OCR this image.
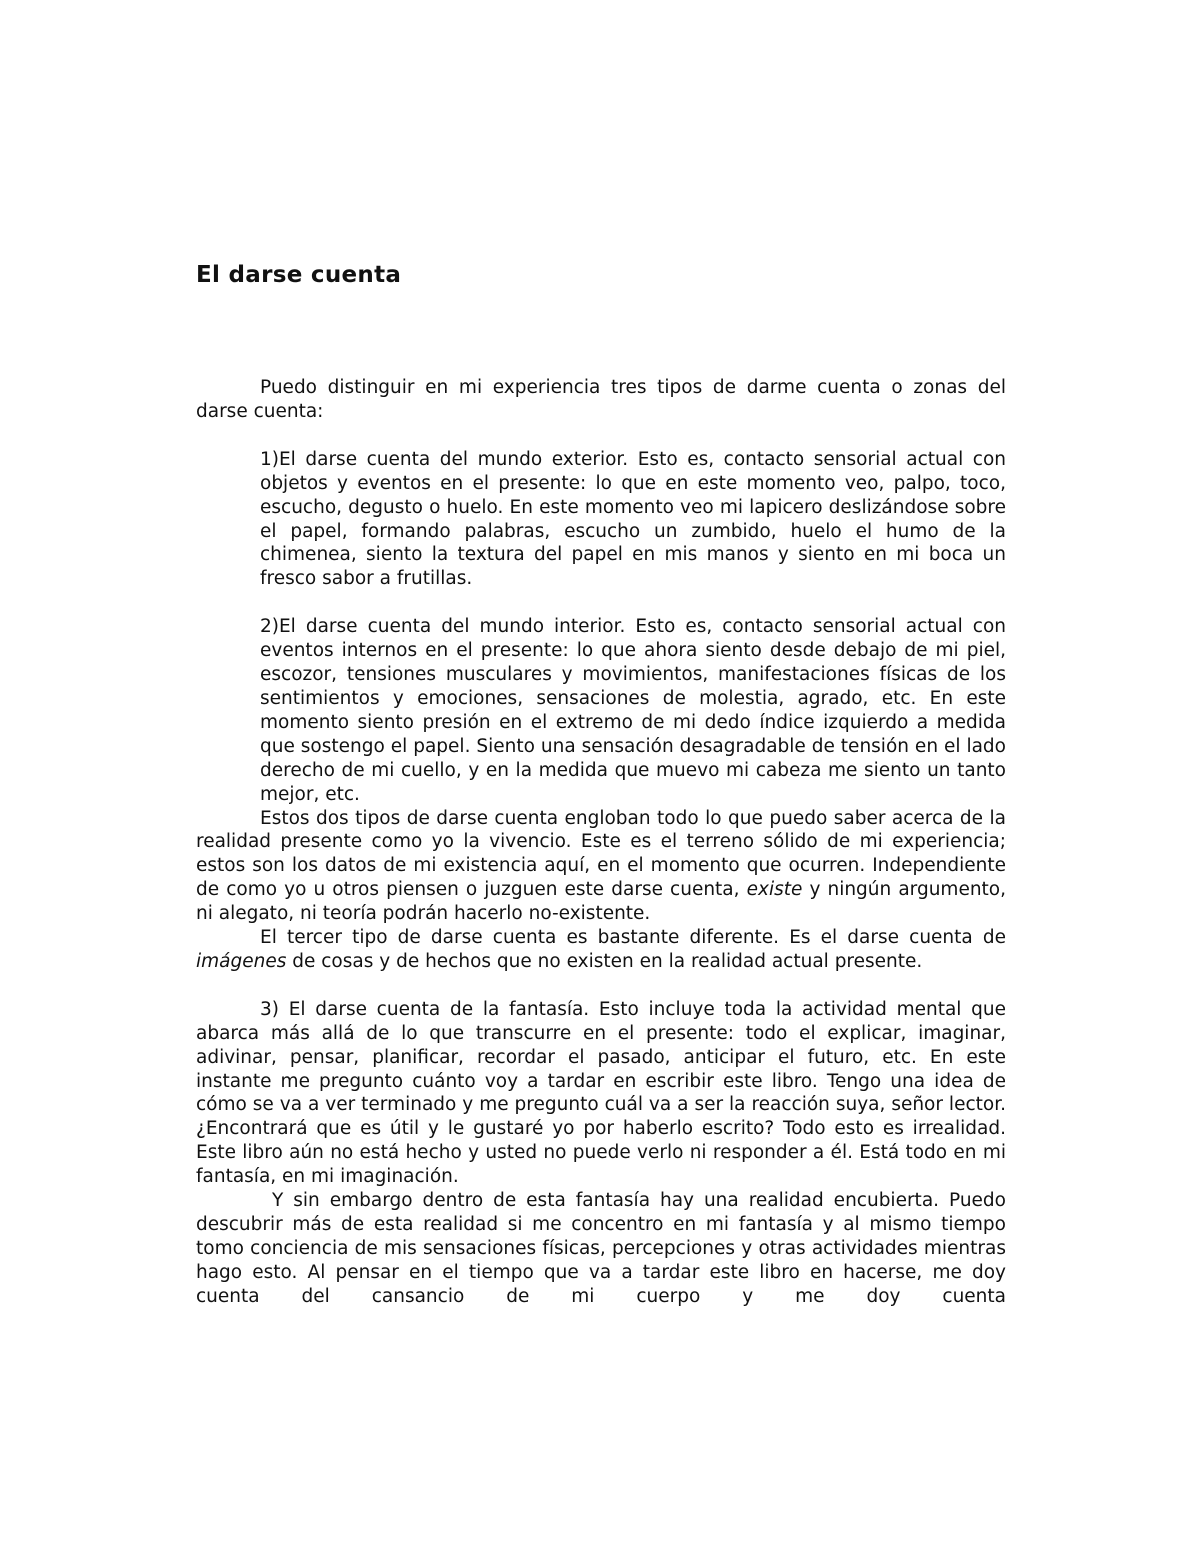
El darse cuenta

Puedo distinguir en mi experiencia tres tipos de darme cuenta o zonas del darse cuenta:

1)El darse cuenta del mundo exterior. Esto es, contacto sensorial actual con objetos y eventos en el presente: lo que en este momento veo, palpo, toco, escucho, degusto o huelo. En este momento veo mi lapicero deslizándose sobre el papel, formando palabras, escucho un zumbido, huelo el humo de la chimenea, siento la textura del papel en mis manos y siento en mi boca un fresco sabor a frutillas.

2)El darse cuenta del mundo interior. Esto es, contacto sensorial actual con eventos internos en el presente: lo que ahora siento desde debajo de mi piel, escozor, tensiones musculares y movimientos, manifestaciones físicas de los sentimientos y emociones, sensaciones de molestia, agrado, etc. En este momento siento presión en el extremo de mi dedo índice izquierdo a medida que sostengo el papel. Siento una sensación desagradable de tensión en el lado derecho de mi cuello, y en la medida que muevo mi cabeza me siento un tanto mejor, etc.

Estos dos tipos de darse cuenta engloban todo lo que puedo saber acerca de la realidad presente como yo la vivencio. Este es el terreno sólido de mi experiencia; estos son los datos de mi existencia aquí, en el momento que ocurren. Independiente de como yo u otros piensen o juzguen este darse cuenta, existe y ningún argumento, ni alegato, ni teoría podrán hacerlo no-existente.

El tercer tipo de darse cuenta es bastante diferente. Es el darse cuenta de imágenes de cosas y de hechos que no existen en la realidad actual presente.

3) El darse cuenta de la fantasía. Esto incluye toda la actividad mental que abarca más allá de lo que transcurre en el presente: todo el explicar, imaginar, adivinar, pensar, planificar, recordar el pasado, anticipar el futuro, etc. En este instante me pregunto cuánto voy a tardar en escribir este libro. Tengo una idea de cómo se va a ver terminado y me pregunto cuál va a ser la reacción suya, señor lector. ¿Encontrará que es útil y le gustaré yo por haberlo escrito? Todo esto es irrealidad. Este libro aún no está hecho y usted no puede verlo ni responder a él. Está todo en mi fantasía, en mi imaginación.

Y sin embargo dentro de esta fantasía hay una realidad encubierta. Puedo descubrir más de esta realidad si me concentro en mi fantasía y al mismo tiempo tomo conciencia de mis sensaciones físicas, percepciones y otras actividades mientras hago esto. Al pensar en el tiempo que va a tardar este libro en hacerse, me doy cuenta del cansancio de mi cuerpo y me doy cuenta
